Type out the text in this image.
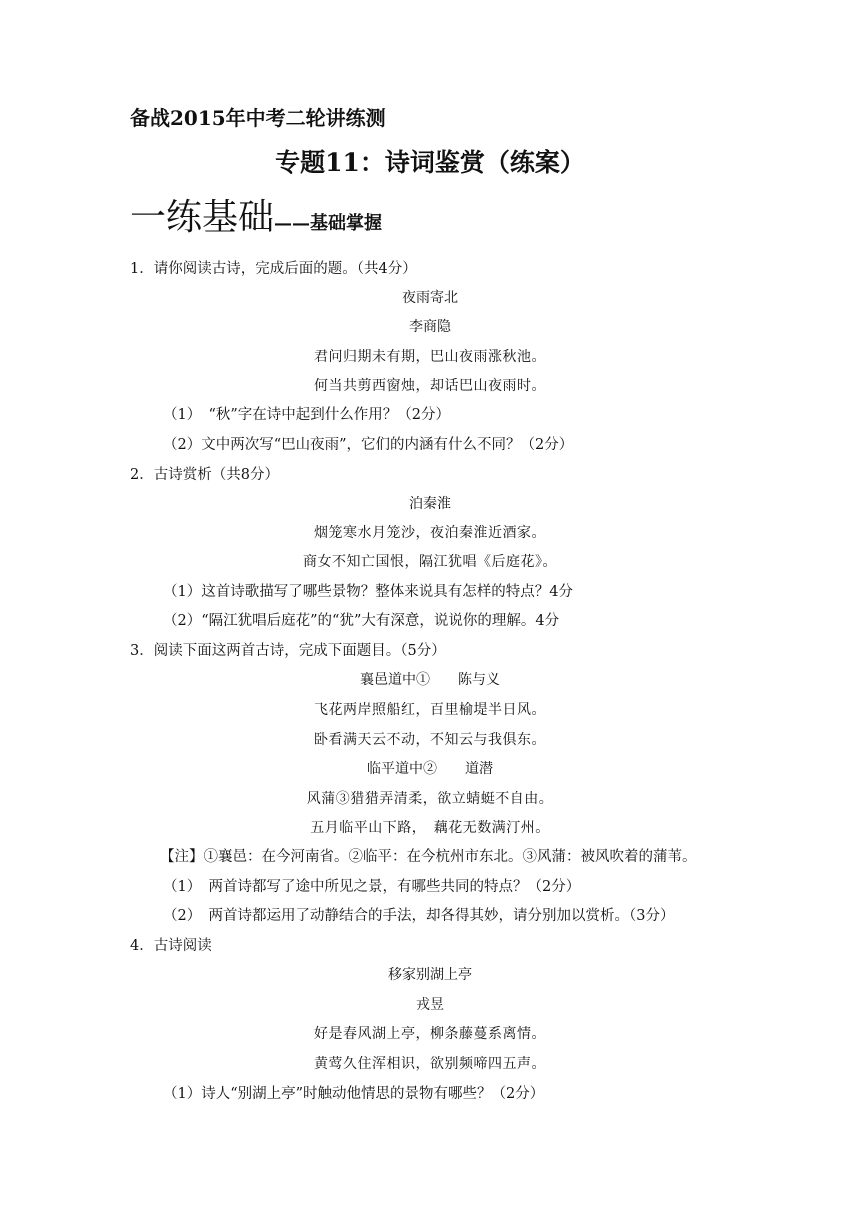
备战2015年中考二轮讲练测
专题11：诗词鉴赏（练案）
一练基础——基础掌握
1．请你阅读古诗，完成后面的题。（共4分）
夜雨寄北
李商隐
君问归期未有期，巴山夜雨涨秋池。
何当共剪西窗烛，却话巴山夜雨时。
（1）　“秋”字在诗中起到什么作用？（2分）
（2）文中两次写“巴山夜雨”，它们的内涵有什么不同？（2分）
2．古诗赏析（共8分）
泊秦淮
烟笼寒水月笼沙，夜泊秦淮近酒家。
商女不知亡国恨，隔江犹唱《后庭花》。
（1）这首诗歌描写了哪些景物？整体来说具有怎样的特点？4分
（2）“隔江犹唱后庭花”的“犹”大有深意，说说你的理解。4分
3．阅读下面这两首古诗，完成下面题目。（5分）
襄邑道中①　　陈与义
飞花两岸照船红，百里榆堤半日风。
卧看满天云不动，不知云与我俱东。
临平道中②　　道潜
风蒲③猎猎弄清柔，欲立蜻蜓不自由。
五月临平山下路，　藕花无数满汀州。
【注】①襄邑：在今河南省。②临平：在今杭州市东北。③风蒲：被风吹着的蒲苇。
（1）　两首诗都写了途中所见之景，有哪些共同的特点？（2分）
（2）　两首诗都运用了动静结合的手法，却各得其妙，请分别加以赏析。（3分）
4．古诗阅读
移家别湖上亭
戎昱
好是春风湖上亭，柳条藤蔓系离情。
黄莺久住浑相识，欲别频啼四五声。
（1）诗人“别湖上亭”时触动他情思的景物有哪些？（2分）
